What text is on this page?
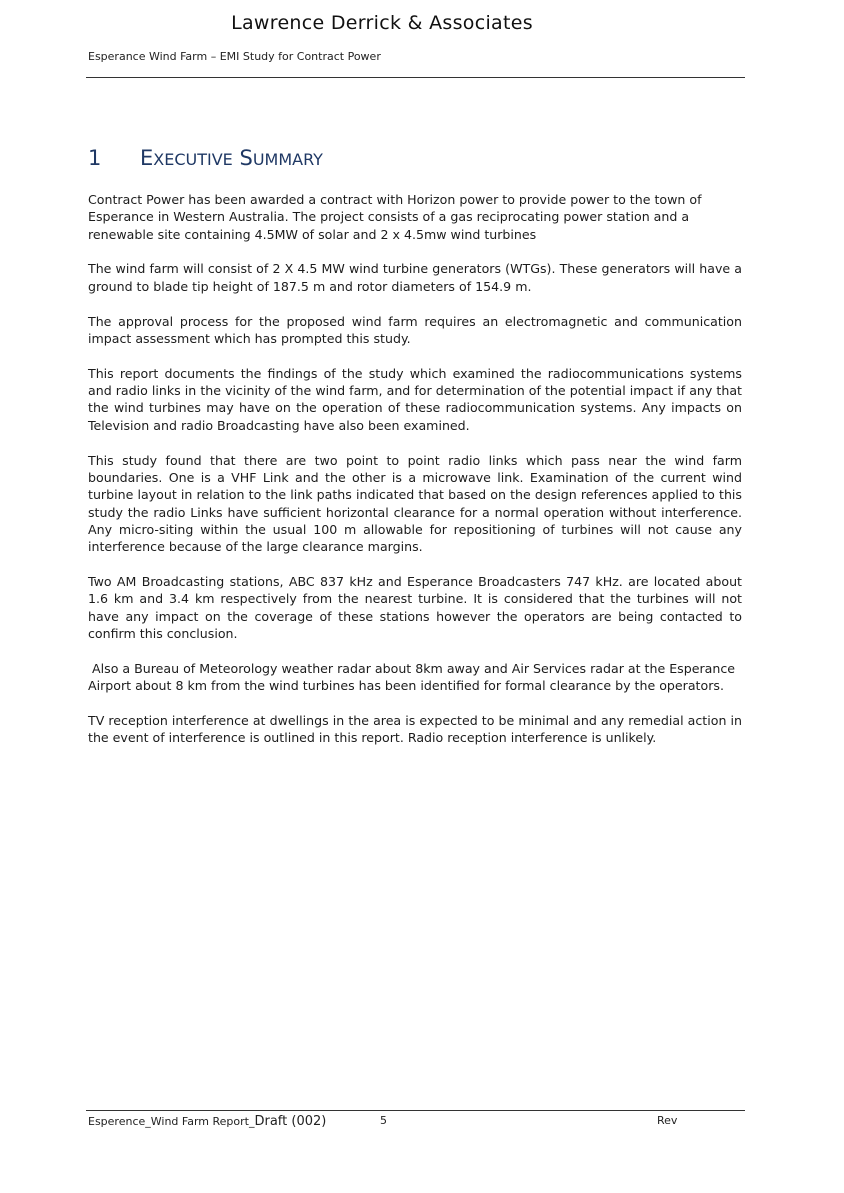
Lawrence Derrick & Associates
Esperance Wind Farm – EMI Study for Contract Power
1	EXECUTIVE SUMMARY

Contract Power has been awarded a contract with Horizon power to provide power to the town of Esperance in Western Australia. The project consists of a gas reciprocating power station and a renewable site containing 4.5MW of solar and 2 x 4.5mw wind turbines

The wind farm will consist of 2 X 4.5 MW wind turbine generators (WTGs). These generators will have a ground to blade tip height of 187.5 m and rotor diameters of 154.9 m.

The approval process for the proposed wind farm requires an electromagnetic and communication impact assessment which has prompted this study.

This report documents the findings of the study which examined the radiocommunications systems and radio links in the vicinity of the wind farm, and for determination of the potential impact if any that the wind turbines may have on the operation of these radiocommunication systems. Any impacts on Television and radio Broadcasting have also been examined.

This study found that there are two point to point radio links which pass near the wind farm boundaries. One is a VHF Link and the other is a microwave link. Examination of the current wind turbine layout in relation to the link paths indicated that based on the design references applied to this study the radio Links have sufficient horizontal clearance for a normal operation without interference. Any micro-siting within the usual 100 m allowable for repositioning of turbines will not cause any interference because of the large clearance margins.

Two AM Broadcasting stations, ABC 837 kHz and Esperance Broadcasters 747 kHz. are located about 1.6 km and 3.4 km respectively from the nearest turbine. It is considered that the turbines will not have any impact on the coverage of these stations however the operators are being contacted to confirm this conclusion.

Also a Bureau of Meteorology weather radar about 8km away and Air Services radar at the Esperance Airport about 8 km from the wind turbines has been identified for formal clearance by the operators.

TV reception interference at dwellings in the area is expected to be minimal and any remedial action in the event of interference is outlined in this report. Radio reception interference is unlikely.

Esperence_Wind Farm Report_Draft (002)	5	Rev
